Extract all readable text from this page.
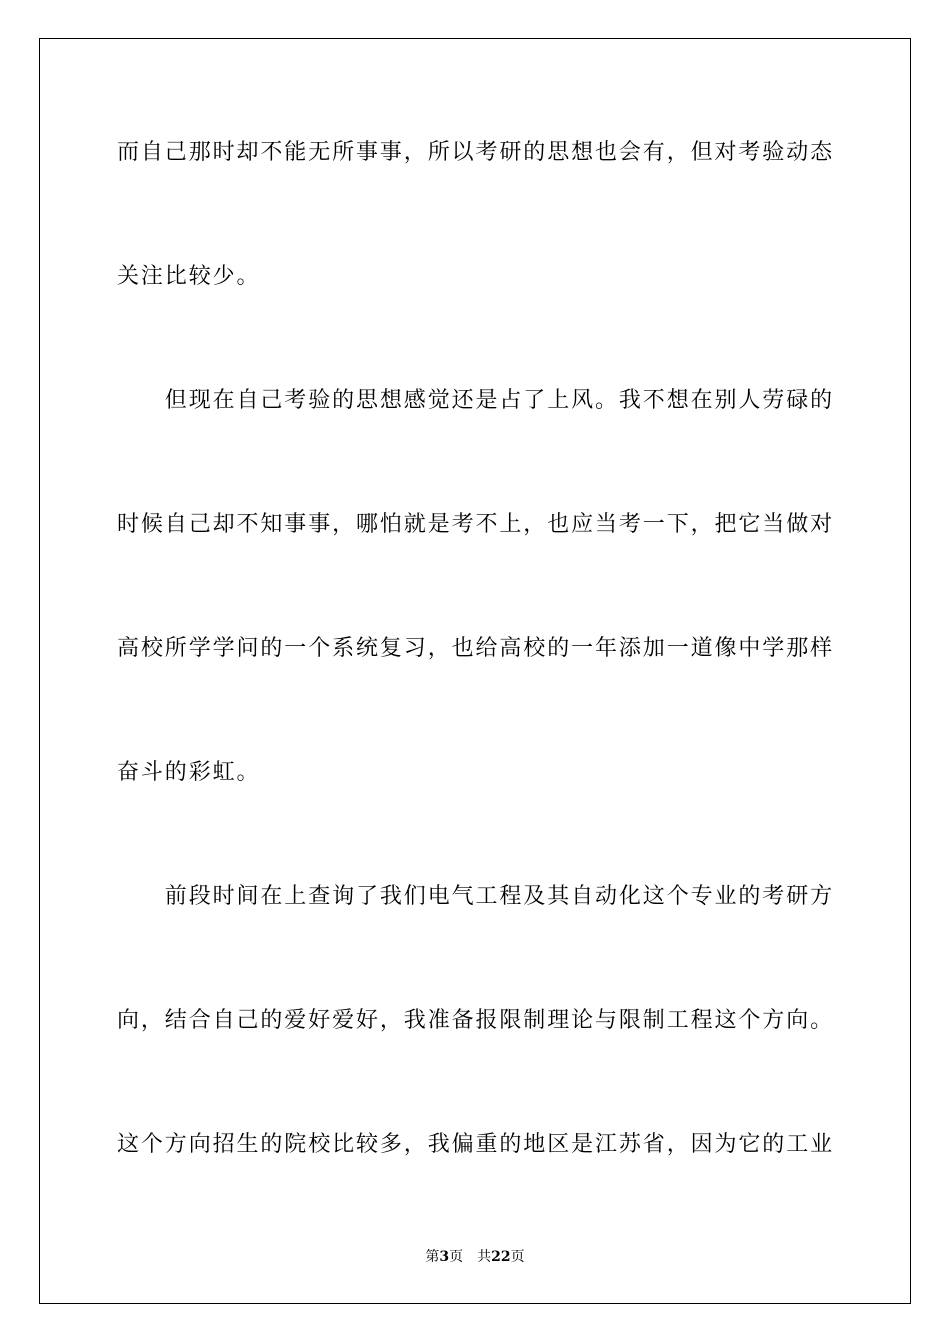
而自己那时却不能无所事事，所以考研的思想也会有，但对考验动态
关注比较少。
　　但现在自己考验的思想感觉还是占了上风。我不想在别人劳碌的
时候自己却不知事事，哪怕就是考不上，也应当考一下，把它当做对
高校所学学问的一个系统复习，也给高校的一年添加一道像中学那样
奋斗的彩虹。
　　前段时间在上查询了我们电气工程及其自动化这个专业的考研方
向，结合自己的爱好爱好，我准备报限制理论与限制工程这个方向。
这个方向招生的院校比较多，我偏重的地区是江苏省，因为它的工业
第3页 共22页
